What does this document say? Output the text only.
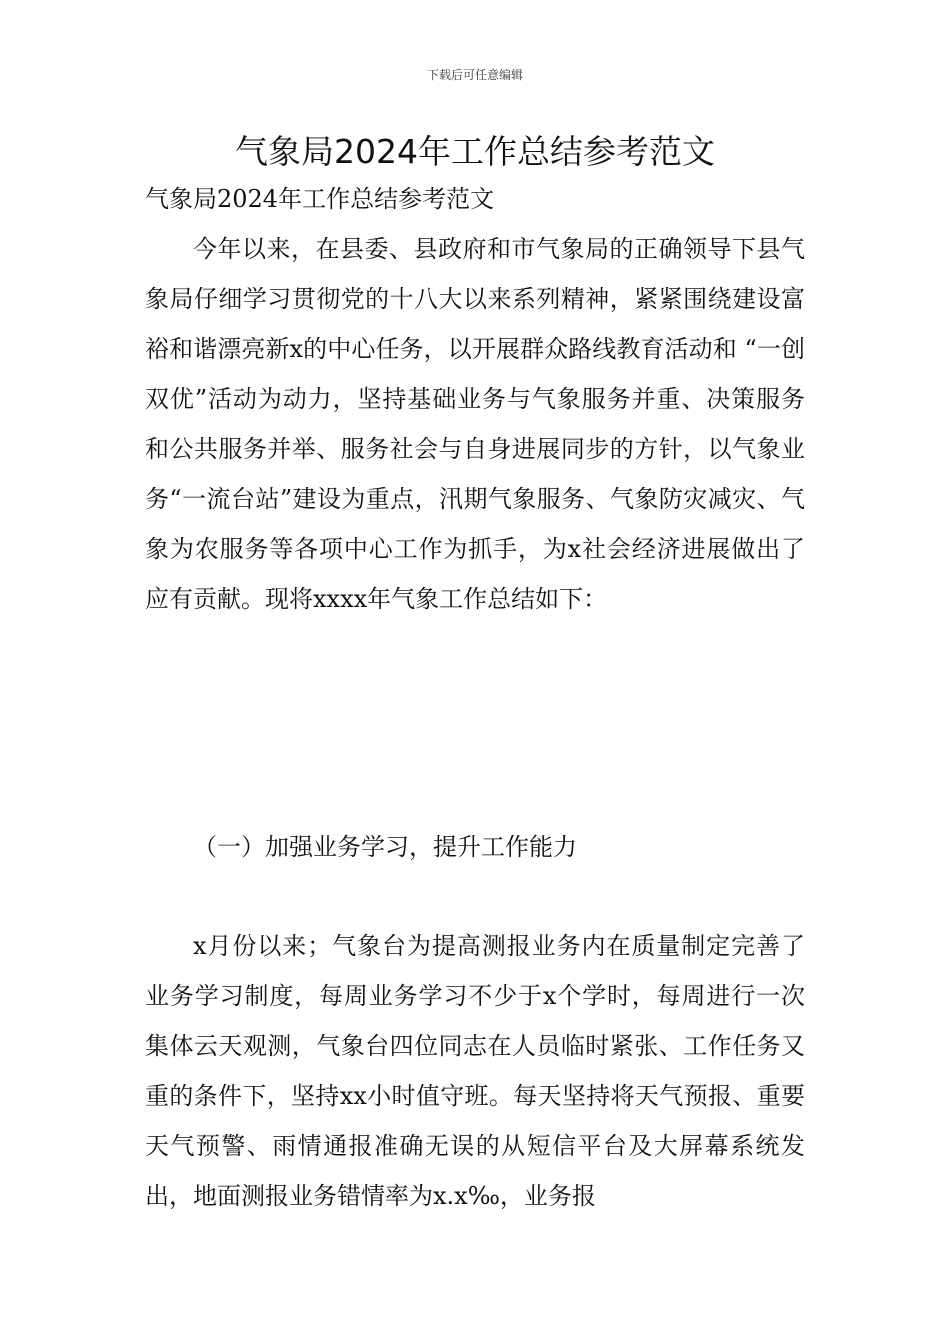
下载后可任意编辑
气象局2024年工作总结参考范文

气象局2024年工作总结参考范文

今年以来，在县委、县政府和市气象局的正确领导下县气象局仔细学习贯彻党的十八大以来系列精神，紧紧围绕建设富裕和谐漂亮新x的中心任务，以开展群众路线教育活动和 “一创双优”活动为动力，坚持基础业务与气象服务并重、决策服务和公共服务并举、服务社会与自身进展同步的方针，以气象业务“一流台站”建设为重点，汛期气象服务、气象防灾减灾、气象为农服务等各项中心工作为抓手，为x社会经济进展做出了应有贡献。现将xxxx年气象工作总结如下：

（一）加强业务学习，提升工作能力

x月份以来；气象台为提高测报业务内在质量制定完善了业务学习制度，每周业务学习不少于x个学时，每周进行一次集体云天观测，气象台四位同志在人员临时紧张、工作任务又重的条件下，坚持xx小时值守班。每天坚持将天气预报、重要天气预警、雨情通报准确无误的从短信平台及大屏幕系统发出，地面测报业务错情率为x.x‰，业务报
